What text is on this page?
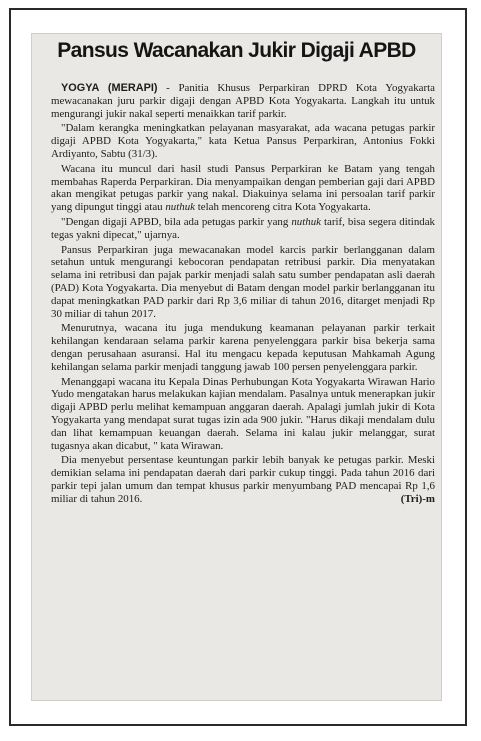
Pansus Wacanakan Jukir Digaji APBD

YOGYA (MERAPI) - Panitia Khusus Perparkiran DPRD Kota Yogyakarta mewacanakan juru parkir digaji dengan APBD Kota Yogyakarta. Langkah itu untuk mengurangi jukir nakal seperti menaikkan tarif parkir.

"Dalam kerangka meningkatkan pelayanan masyarakat, ada wacana petugas parkir digaji APBD Kota Yogyakarta," kata Ketua Pansus Perparkiran, Antonius Fokki Ardiyanto, Sabtu (31/3).

Wacana itu muncul dari hasil studi Pansus Perparkiran ke Batam yang tengah membahas Raperda Perparkiran. Dia menyampaikan dengan pemberian gaji dari APBD akan mengikat petugas parkir yang nakal. Diakuinya selama ini persoalan tarif parkir yang dipungut tinggi atau nuthuk telah mencoreng citra Kota Yogyakarta.

"Dengan digaji APBD, bila ada petugas parkir yang nuthuk tarif, bisa segera ditindak tegas yakni dipecat," ujarnya.

Pansus Perparkiran juga mewacanakan model karcis parkir berlangganan dalam setahun untuk mengurangi kebocoran pendapatan retribusi parkir. Dia menyatakan selama ini retribusi dan pajak parkir menjadi salah satu sumber pendapatan asli daerah (PAD) Kota Yogyakarta. Dia menyebut di Batam dengan model parkir berlangganan itu dapat meningkatkan PAD parkir dari Rp 3,6 miliar di tahun 2016, ditarget menjadi Rp 30 miliar di tahun 2017.

Menurutnya, wacana itu juga mendukung keamanan pelayanan parkir terkait kehilangan kendaraan selama parkir karena penyelenggara parkir bisa bekerja sama dengan perusahaan asuransi. Hal itu mengacu kepada keputusan Mahkamah Agung kehilangan selama parkir menjadi tanggung jawab 100 persen penyelenggara parkir.

Menanggapi wacana itu Kepala Dinas Perhubungan Kota Yogyakarta Wirawan Hario Yudo mengatakan harus melakukan kajian mendalam. Pasalnya untuk menerapkan jukir digaji APBD perlu melihat kemampuan anggaran daerah. Apalagi jumlah jukir di Kota Yogyakarta yang mendapat surat tugas izin ada 900 jukir. "Harus dikaji mendalam dulu dan lihat kemampuan keuangan daerah. Selama ini kalau jukir melanggar, surat tugasnya akan dicabut, " kata Wirawan.

Dia menyebut persentase keuntungan parkir lebih banyak ke petugas parkir. Meski demikian selama ini pendapatan daerah dari parkir cukup tinggi. Pada tahun 2016 dari parkir tepi jalan umum dan tempat khusus parkir menyumbang PAD mencapai Rp 1,6 miliar di tahun 2016.	(Tri)-m
